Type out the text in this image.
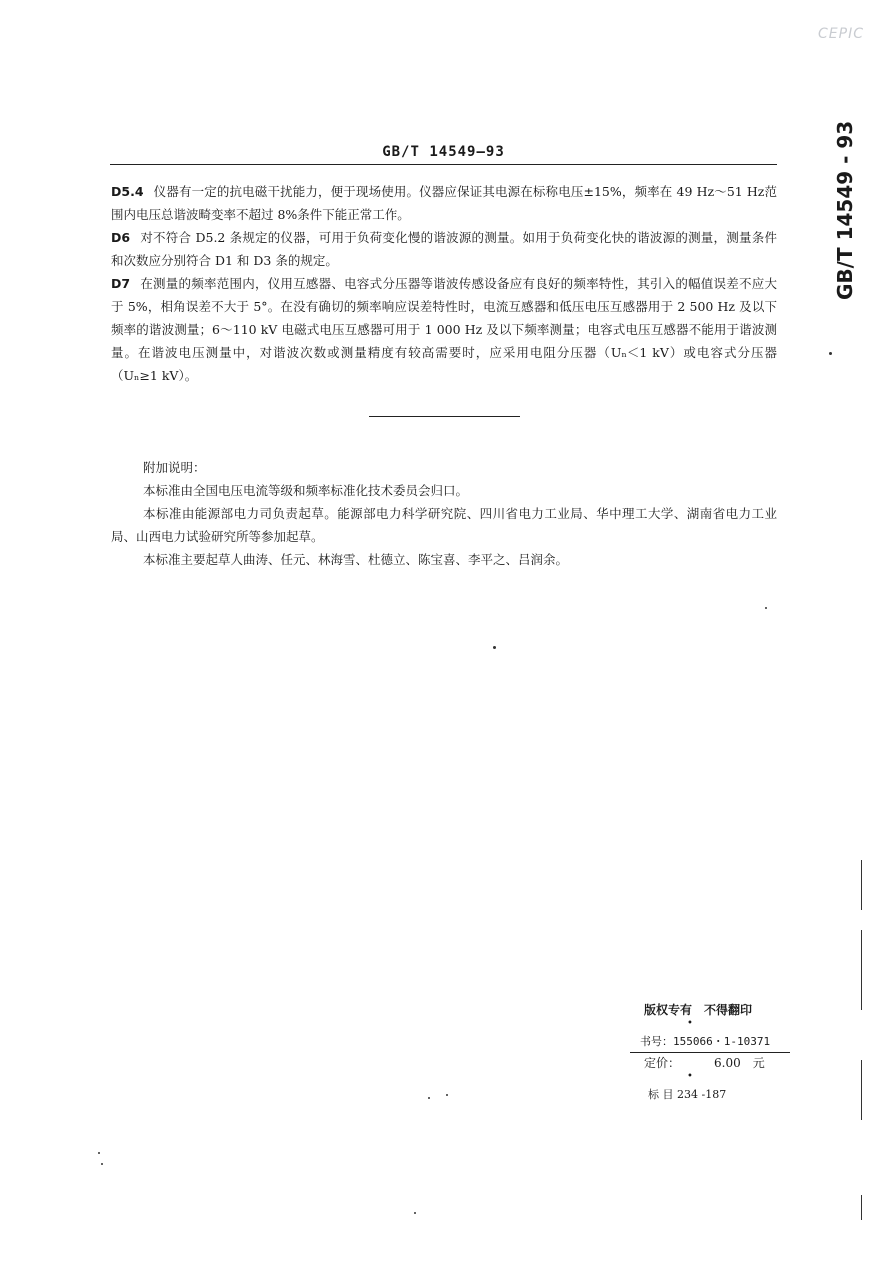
CEPIC
GB/T 14549 - 93
GB/T 14549—93

D5.4 仪器有一定的抗电磁干扰能力，便于现场使用。仪器应保证其电源在标称电压±15%，频率在 49 Hz～51 Hz范围内电压总谐波畸变率不超过 8%条件下能正常工作。

D6 对不符合 D5.2 条规定的仪器，可用于负荷变化慢的谐波源的测量。如用于负荷变化快的谐波源的测量，测量条件和次数应分别符合 D1 和 D3 条的规定。

D7 在测量的频率范围内，仪用互感器、电容式分压器等谐波传感设备应有良好的频率特性，其引入的幅值误差不应大于 5%，相角误差不大于 5°。在没有确切的频率响应误差特性时，电流互感器和低压电压互感器用于 2 500 Hz 及以下频率的谐波测量；6～110 kV 电磁式电压互感器可用于 1 000 Hz 及以下频率测量；电容式电压互感器不能用于谐波测量。在谐波电压测量中，对谐波次数或测量精度有较高需要时，应采用电阻分压器（Uₙ＜1 kV）或电容式分压器（Uₙ≥1 kV）。

附加说明：

本标准由全国电压电流等级和频率标准化技术委员会归口。

本标准由能源部电力司负责起草。能源部电力科学研究院、四川省电力工业局、华中理工大学、湖南省电力工业局、山西电力试验研究所等参加起草。

本标准主要起草人曲涛、任元、林海雪、杜德立、陈宝喜、李平之、吕润余。

版权专有　不得翻印
•
书号：155066・1-10371
定价：	6.00　元
•
标 目 234 -187
